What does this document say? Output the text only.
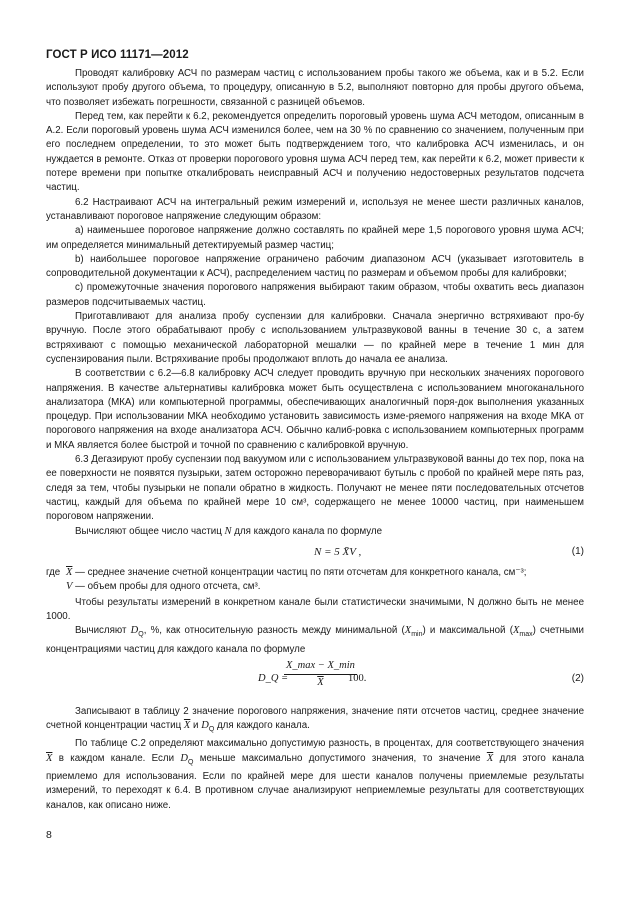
ГОСТ Р ИСО 11171—2012

Проводят калибровку АСЧ по размерам частиц с использованием пробы такого же объема, как и в 5.2. Если используют пробу другого объема, то процедуру, описанную в 5.2, выполняют повторно для пробы другого объема, что позволяет избежать погрешности, связанной с разницей объемов.

Перед тем, как перейти к 6.2, рекомендуется определить пороговый уровень шума АСЧ методом, описанным в А.2. Если пороговый уровень шума АСЧ изменился более, чем на 30 % по сравнению со значением, полученным при его последнем определении, то это может быть подтверждением того, что калибровка АСЧ изменилась, и он нуждается в ремонте. Отказ от проверки порогового уровня шума АСЧ перед тем, как перейти к 6.2, может привести к потере времени при попытке откалибровать неисправный АСЧ и получению недостоверных результатов подсчета частиц.

6.2 Настраивают АСЧ на интегральный режим измерений и, используя не менее шести различных каналов, устанавливают пороговое напряжение следующим образом:

a) наименьшее пороговое напряжение должно составлять по крайней мере 1,5 порогового уровня шума АСЧ; им определяется минимальный детектируемый размер частиц;

b) наибольшее пороговое напряжение ограничено рабочим диапазоном АСЧ (указывает изготовитель в сопроводительной документации к АСЧ), распределением частиц по размерам и объемом пробы для калибровки;

c) промежуточные значения порогового напряжения выбирают таким образом, чтобы охватить весь диапазон размеров подсчитываемых частиц.

Приготавливают для анализа пробу суспензии для калибровки. Сначала энергично встряхивают про-бу вручную. После этого обрабатывают пробу с использованием ультразвуковой ванны в течение 30 с, а затем встряхивают с помощью механической лабораторной мешалки — по крайней мере в течение 1 мин для суспензирования пыли. Встряхивание пробы продолжают вплоть до начала ее анализа.

В соответствии с 6.2—6.8 калибровку АСЧ следует проводить вручную при нескольких значениях порогового напряжения. В качестве альтернативы калибровка может быть осуществлена с использованием многоканального анализатора (МКА) или компьютерной программы, обеспечивающих аналогичный поря-док выполнения указанных процедур. При использовании МКА необходимо установить зависимость изме-ряемого напряжения на входе МКА от порогового напряжения на входе анализатора АСЧ. Обычно калиб-ровка с использованием компьютерных программ и МКА является более быстрой и точной по сравнению с калибровкой вручную.

6.3 Дегазируют пробу суспензии под вакуумом или с использованием ультразвуковой ванны до тех пор, пока на ее поверхности не появятся пузырьки, затем осторожно переворачивают бутыль с пробой по крайней мере пять раз, следя за тем, чтобы пузырьки не попали обратно в жидкость. Получают не менее пяти последовательных отсчетов частиц, каждый для объема по крайней мере 10 см³, содержащего не менее 10000 частиц, при наименьшем пороговом напряжении.

Вычисляют общее число частиц N для каждого канала по формуле

N = 5 X̄V ,	(1)
где $\overline{X}$ — среднее значение счетной концентрации частиц по пяти отсчетам для конкретного канала, см⁻³;
V — объем пробы для одного отсчета, см³.

Чтобы результаты измерений в конкретном канале были статистически значимыми, N должно быть не менее 1000.

Вычисляют $D_Q$, %, как относительную разность между минимальной $(X_{min})$ и максимальной $(X_{max})$ счетными концентрациями частиц для каждого канала по формуле

D_Q =
X_max − X_min
$\overline{X}$	100.	(2)

Записывают в таблицу 2 значение порогового напряжения, значение пяти отсчетов частиц, среднее значение счетной концентрации частиц $\overline{X}$ и $D_Q$ для каждого канала.

По таблице С.2 определяют максимально допустимую разность, в процентах, для соответствующего значения $\overline{X}$ в каждом канале. Если $D_Q$ меньше максимально допустимого значения, то значение $\overline{X}$ для этого канала приемлемо для использования. Если по крайней мере для шести каналов получены приемлемые результаты измерений, то переходят к 6.4. В противном случае анализируют неприемлемые результаты для соответствующих каналов, как описано ниже.

8
